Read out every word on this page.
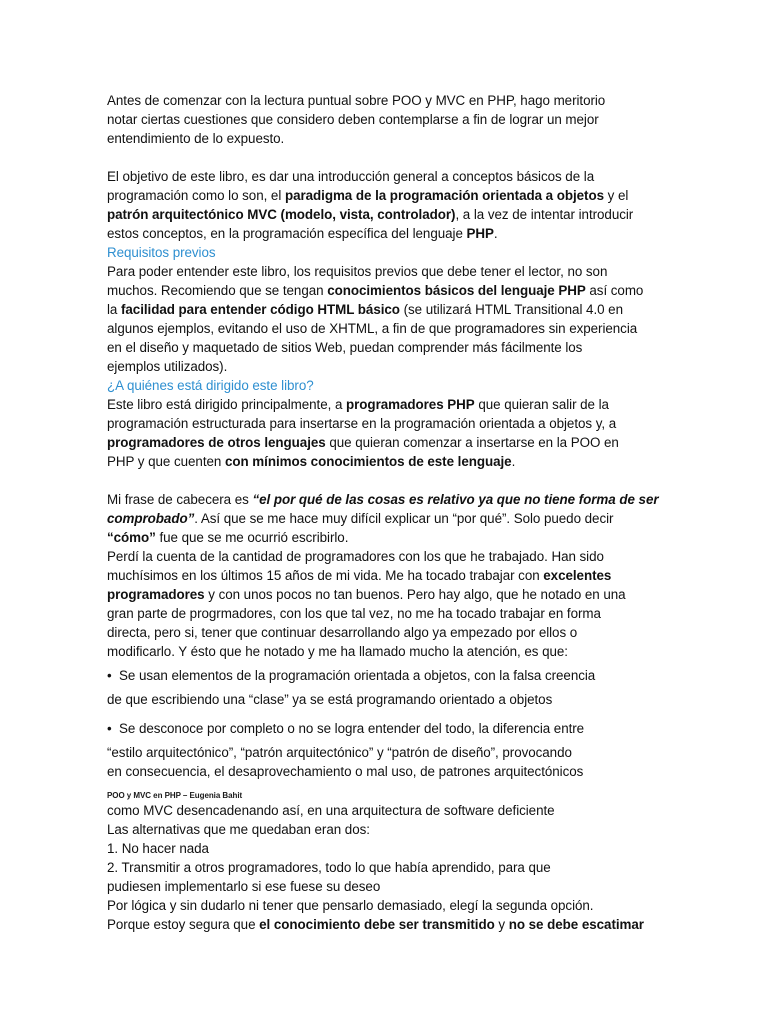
Antes de comenzar con la lectura puntual sobre POO y MVC en PHP, hago meritorio

notar ciertas cuestiones que considero deben contemplarse a fin de lograr un mejor

entendimiento de lo expuesto.

El objetivo de este libro, es dar una introducción general a conceptos básicos de la

programación como lo son, el paradigma de la programación orientada a objetos y el

patrón arquitectónico MVC (modelo, vista, controlador), a la vez de intentar introducir

estos conceptos, en la programación específica del lenguaje PHP.

Requisitos previos

Para poder entender este libro, los requisitos previos que debe tener el lector, no son

muchos. Recomiendo que se tengan conocimientos básicos del lenguaje PHP así como

la facilidad para entender código HTML básico (se utilizará HTML Transitional 4.0 en

algunos ejemplos, evitando el uso de XHTML, a fin de que programadores sin experiencia

en el diseño y maquetado de sitios Web, puedan comprender más fácilmente los

ejemplos utilizados).

¿A quiénes está dirigido este libro?

Este libro está dirigido principalmente, a programadores PHP que quieran salir de la

programación estructurada para insertarse en la programación orientada a objetos y, a

programadores de otros lenguajes que quieran comenzar a insertarse en la POO en

PHP y que cuenten con mínimos conocimientos de este lenguaje.

Mi frase de cabecera es “el por qué de las cosas es relativo ya que no tiene forma de ser

comprobado”. Así que se me hace muy difícil explicar un “por qué”. Solo puedo decir

“cómo” fue que se me ocurrió escribirlo.

Perdí la cuenta de la cantidad de programadores con los que he trabajado. Han sido

muchísimos en los últimos 15 años de mi vida. Me ha tocado trabajar con excelentes

programadores y con unos pocos no tan buenos. Pero hay algo, que he notado en una

gran parte de progrmadores, con los que tal vez, no me ha tocado trabajar en forma

directa, pero si, tener que continuar desarrollando algo ya empezado por ellos o

modificarlo. Y ésto que he notado y me ha llamado mucho la atención, es que:

• Se usan elementos de la programación orientada a objetos, con la falsa creencia

de que escribiendo una “clase” ya se está programando orientado a objetos

• Se desconoce por completo o no se logra entender del todo, la diferencia entre

“estilo arquitectónico”, “patrón arquitectónico” y “patrón de diseño”, provocando

en consecuencia, el desaprovechamiento o mal uso, de patrones arquitectónicos

POO y MVC en PHP – Eugenia Bahit

como MVC desencadenando así, en una arquitectura de software deficiente

Las alternativas que me quedaban eran dos:

1. No hacer nada

2. Transmitir a otros programadores, todo lo que había aprendido, para que

pudiesen implementarlo si ese fuese su deseo

Por lógica y sin dudarlo ni tener que pensarlo demasiado, elegí la segunda opción.

Porque estoy segura que el conocimiento debe ser transmitido y no se debe escatimar
